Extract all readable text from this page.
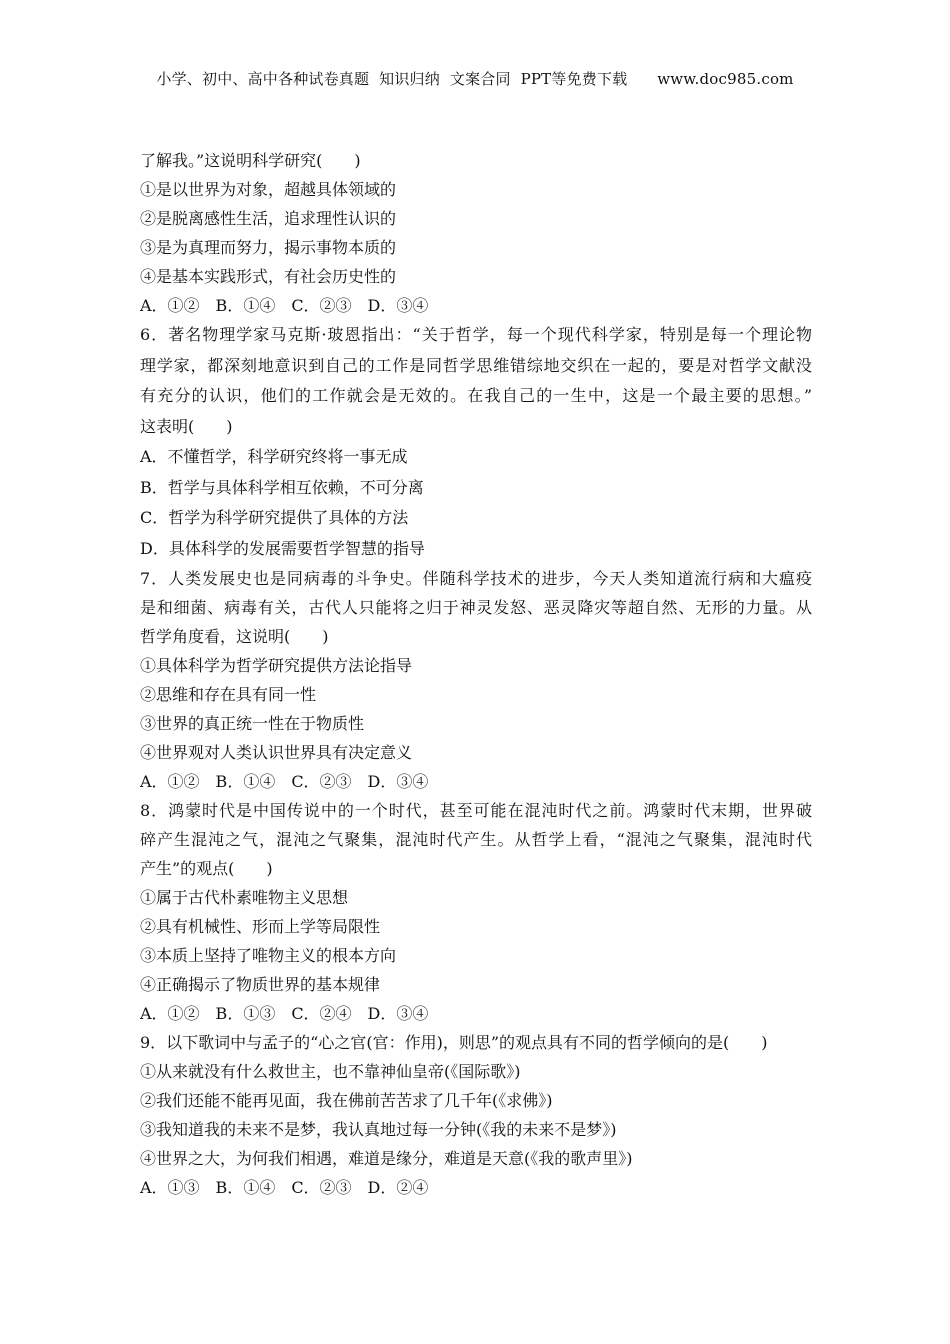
小学、初中、高中各种试卷真题  知识归纳  文案合同  PPT等免费下载      www.doc985.com
了解我。”这说明科学研究(　　)
①是以世界为对象，超越具体领域的
②是脱离感性生活，追求理性认识的
③是为真理而努力，揭示事物本质的
④是基本实践形式，有社会历史性的
A．①②　B．①④　C．②③　D．③④
6．著名物理学家马克斯·玻恩指出：“关于哲学，每一个现代科学家，特别是每一个理论物
理学家，都深刻地意识到自己的工作是同哲学思维错综地交织在一起的，要是对哲学文献没
有充分的认识，他们的工作就会是无效的。在我自己的一生中，这是一个最主要的思想。”
这表明(　　)
A．不懂哲学，科学研究终将一事无成
B．哲学与具体科学相互依赖，不可分离
C．哲学为科学研究提供了具体的方法
D．具体科学的发展需要哲学智慧的指导
7．人类发展史也是同病毒的斗争史。伴随科学技术的进步，今天人类知道流行病和大瘟疫
是和细菌、病毒有关，古代人只能将之归于神灵发怒、恶灵降灾等超自然、无形的力量。从
哲学角度看，这说明(　　)
①具体科学为哲学研究提供方法论指导
②思维和存在具有同一性
③世界的真正统一性在于物质性
④世界观对人类认识世界具有决定意义
A．①②　B．①④　C．②③　D．③④
8．鸿蒙时代是中国传说中的一个时代，甚至可能在混沌时代之前。鸿蒙时代末期，世界破
碎产生混沌之气，混沌之气聚集，混沌时代产生。从哲学上看，“混沌之气聚集，混沌时代
产生”的观点(　　)
①属于古代朴素唯物主义思想
②具有机械性、形而上学等局限性
③本质上坚持了唯物主义的根本方向
④正确揭示了物质世界的基本规律
A．①②　B．①③　C．②④　D．③④
9．以下歌词中与孟子的“心之官(官：作用)，则思”的观点具有不同的哲学倾向的是(　　)
①从来就没有什么救世主，也不靠神仙皇帝(《国际歌》)
②我们还能不能再见面，我在佛前苦苦求了几千年(《求佛》)
③我知道我的未来不是梦，我认真地过每一分钟(《我的未来不是梦》)
④世界之大，为何我们相遇，难道是缘分，难道是天意(《我的歌声里》)
A．①③　B．①④　C．②③　D．②④
